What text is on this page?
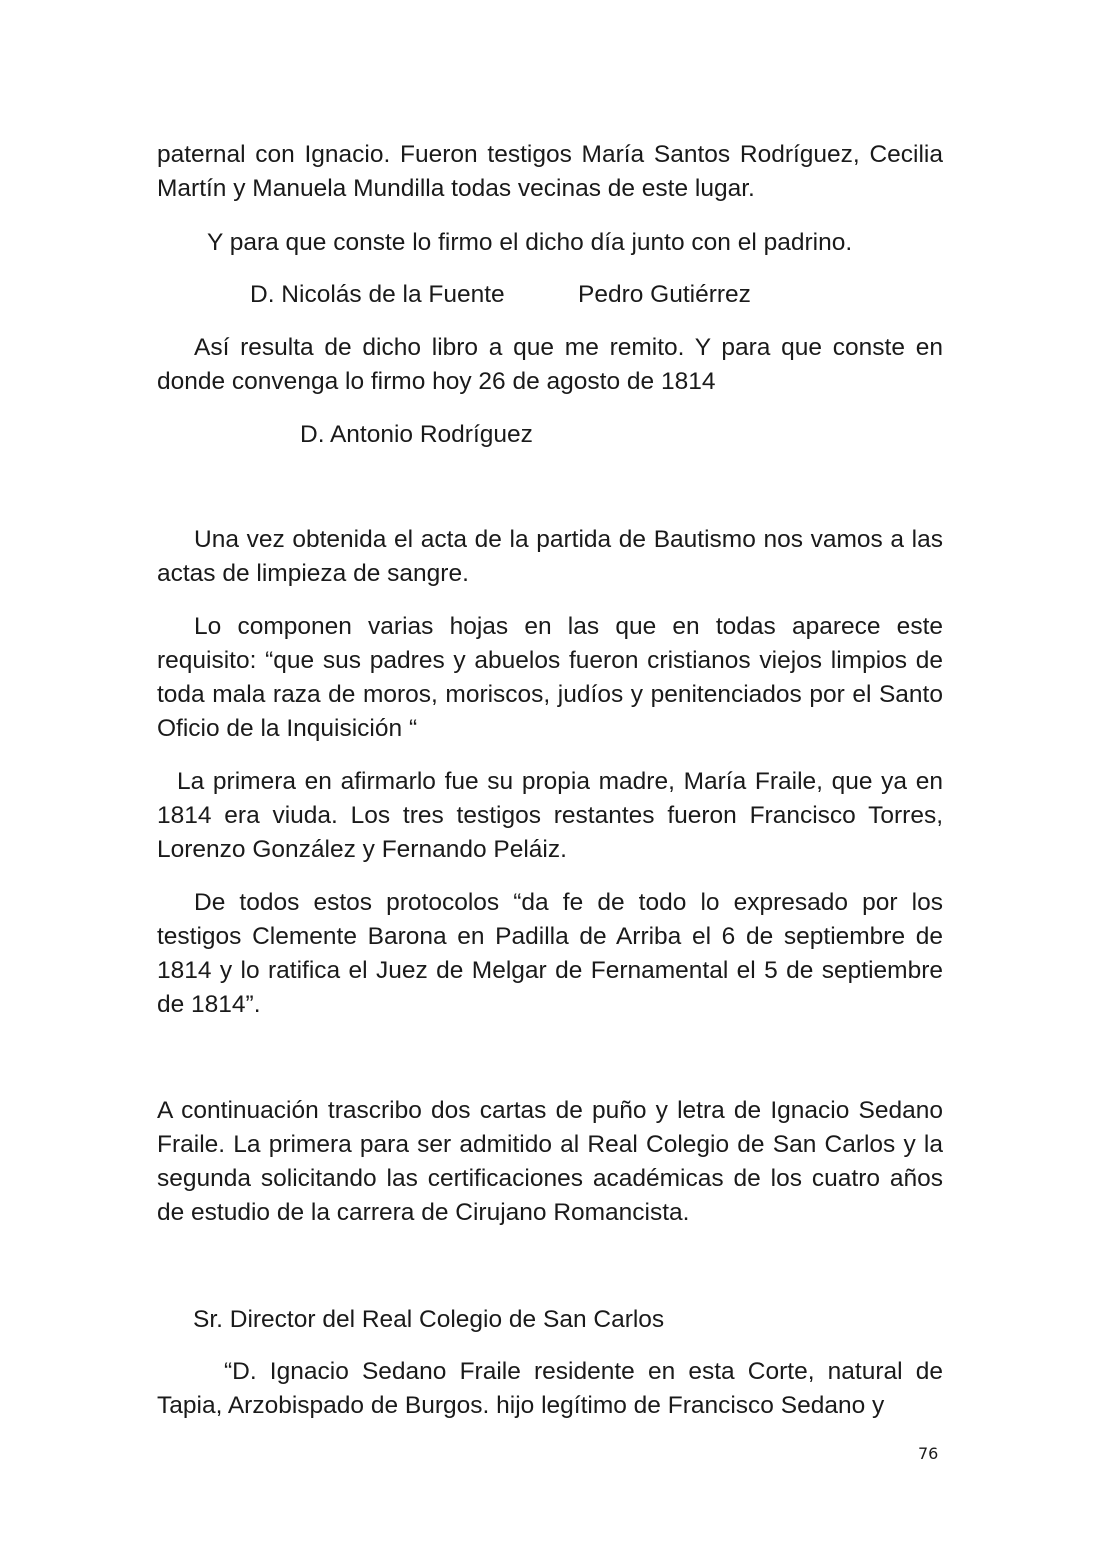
paternal con Ignacio. Fueron testigos María Santos Rodríguez, Cecilia Martín y Manuela Mundilla todas vecinas de este lugar.

Y para que conste lo firmo el dicho día junto con el padrino.

D. Nicolás de la Fuente	Pedro Gutiérrez

Así resulta de dicho libro a que me remito. Y para que conste en donde convenga lo firmo hoy 26 de agosto de 1814

D. Antonio Rodríguez

Una vez obtenida el acta de la partida de Bautismo nos vamos a las actas de limpieza de sangre.

Lo componen varias hojas en las que en todas aparece este requisito: “que sus padres y abuelos fueron cristianos viejos limpios de toda mala raza de moros, moriscos, judíos y penitenciados por el Santo Oficio de la Inquisición “

La primera en afirmarlo fue su propia madre, María Fraile, que ya en 1814 era viuda. Los tres testigos restantes fueron Francisco Torres, Lorenzo González y Fernando Peláiz.

De todos estos protocolos “da fe de todo lo expresado por los testigos Clemente Barona en Padilla de Arriba el 6 de septiembre de 1814 y lo ratifica el Juez de Melgar de Fernamental el 5 de septiembre de 1814”.

A continuación trascribo dos cartas de puño y letra de Ignacio Sedano Fraile. La primera para ser admitido al Real Colegio de San Carlos y la segunda solicitando las certificaciones académicas de los cuatro años de estudio de la carrera de Cirujano Romancista.

Sr. Director del Real Colegio de San Carlos

“D. Ignacio Sedano Fraile residente en esta Corte, natural de Tapia, Arzobispado de Burgos. hijo legítimo de Francisco Sedano y

76
